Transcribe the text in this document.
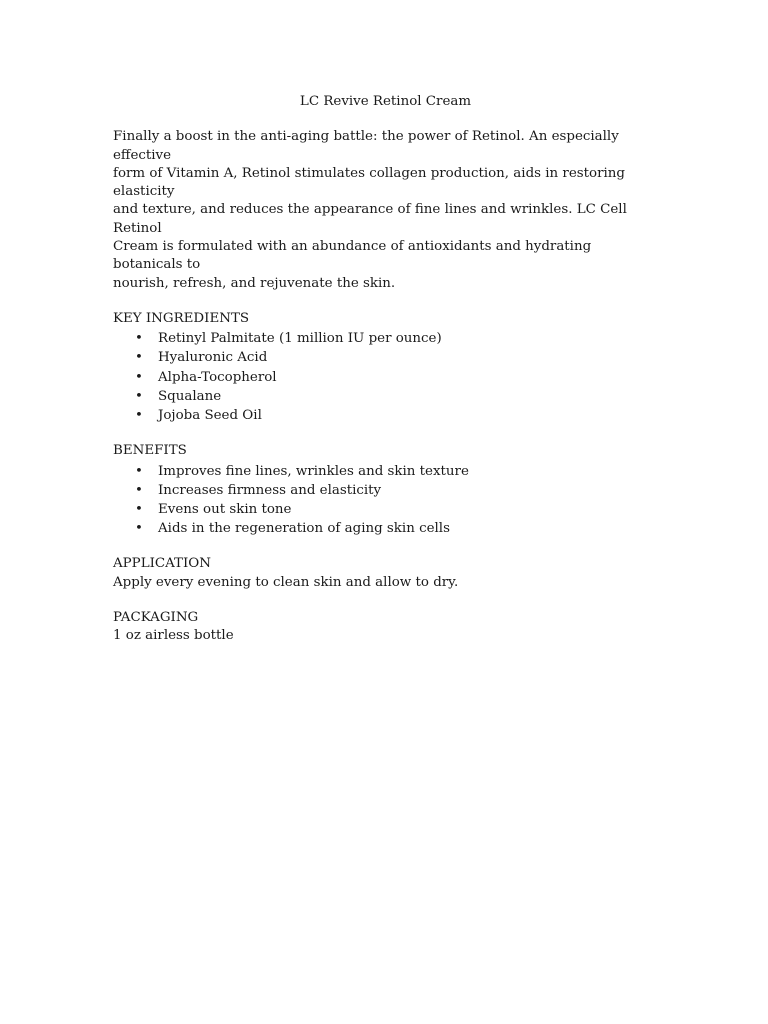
LC Revive Retinol Cream
Finally a boost in the anti-aging battle: the power of Retinol. An especially effective
form of Vitamin A, Retinol stimulates collagen production, aids in restoring elasticity
and texture, and reduces the appearance of fine lines and wrinkles. LC Cell Retinol
Cream is formulated with an abundance of antioxidants and hydrating botanicals to
nourish, refresh, and rejuvenate the skin.
KEY INGREDIENTS
• Retinyl Palmitate (1 million IU per ounce)
• Hyaluronic Acid
• Alpha-Tocopherol
• Squalane
• Jojoba Seed Oil
BENEFITS
• Improves fine lines, wrinkles and skin texture
• Increases firmness and elasticity
• Evens out skin tone
• Aids in the regeneration of aging skin cells
APPLICATION
Apply every evening to clean skin and allow to dry.
PACKAGING
1 oz airless bottle
